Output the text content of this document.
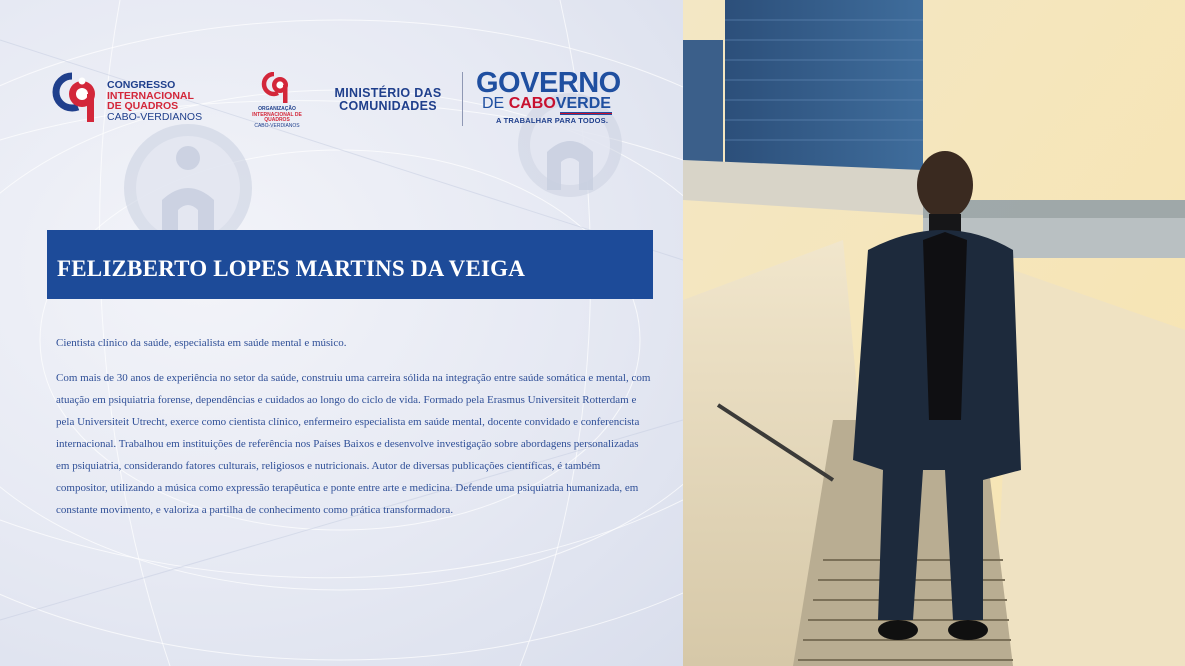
CONGRESSO
INTERNACIONAL
DE QUADROS
CABO-VERDIANOS
ORGANIZAÇÃO
INTERNACIONAL DE QUADROS
CABO-VERDIANOS
MINISTÉRIO DAS
COMUNIDADES
GOVERNO
DE CABOVERDE
A TRABALHAR PARA TODOS.
FELIZBERTO LOPES MARTINS DA VEIGA
Cientista clínico da saúde, especialista em saúde mental e músico.
Com mais de 30 anos de experiência no setor da saúde, construiu uma carreira sólida na integração entre saúde somática e mental, com atuação em psiquiatria forense, dependências e cuidados ao longo do ciclo de vida. Formado pela Erasmus Universiteit Rotterdam e pela Universiteit Utrecht, exerce como cientista clínico, enfermeiro especialista em saúde mental, docente convidado e conferencista internacional. Trabalhou em instituições de referência nos Países Baixos e desenvolve investigação sobre abordagens personalizadas em psiquiatria, considerando fatores culturais, religiosos e nutricionais. Autor de diversas publicações científicas, é também compositor, utilizando a música como expressão terapêutica e ponte entre arte e medicina. Defende uma psiquiatria humanizada, em constante movimento, e valoriza a partilha de conhecimento como prática transformadora.
